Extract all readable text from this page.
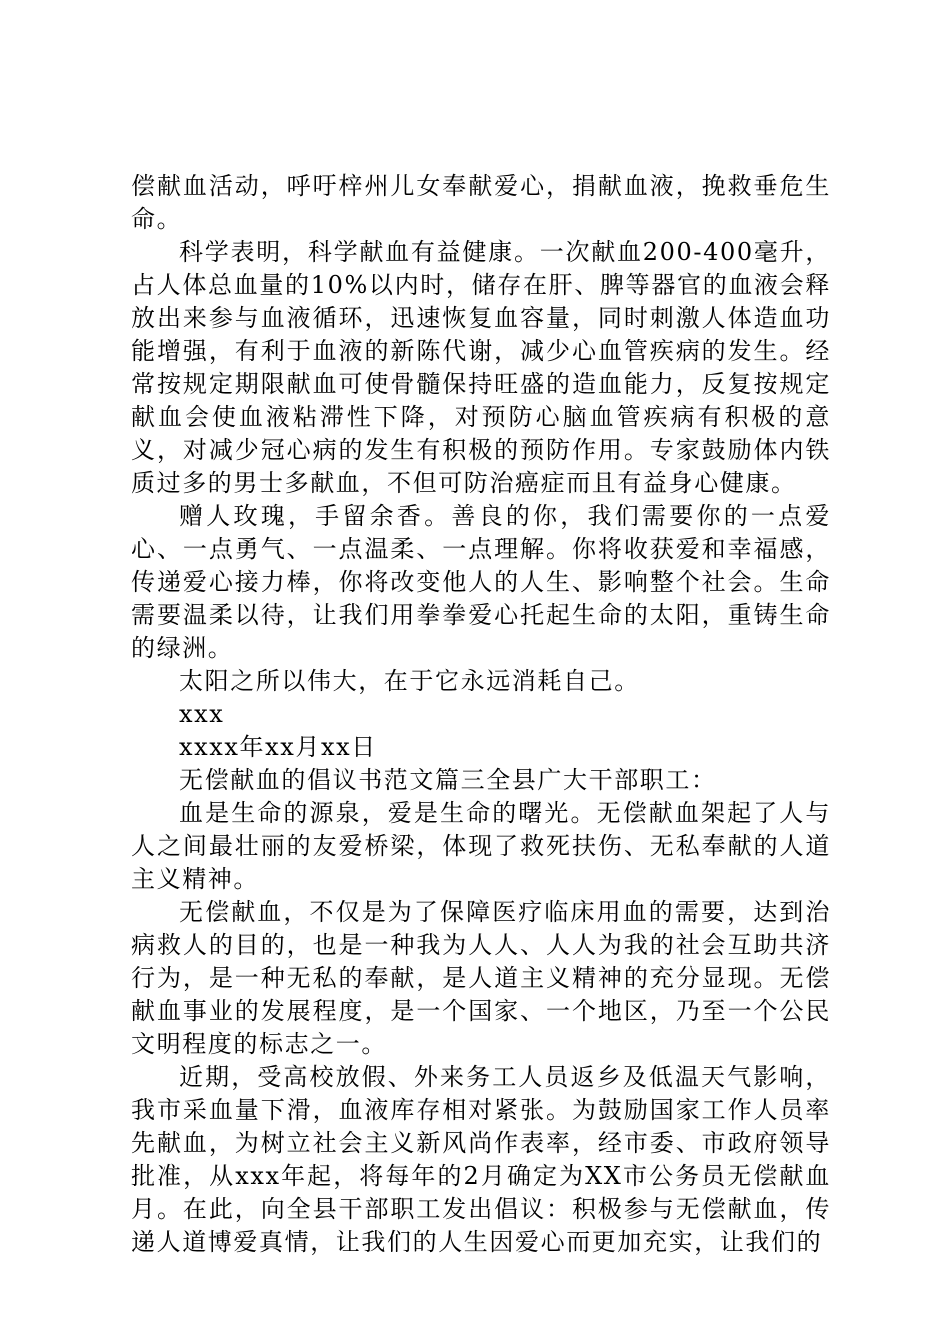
偿献血活动，呼吁梓州儿女奉献爱心，捐献血液，挽救垂危生命。

科学表明，科学献血有益健康。一次献血200-400毫升，占人体总血量的10%以内时，储存在肝、脾等器官的血液会释放出来参与血液循环，迅速恢复血容量，同时刺激人体造血功能增强，有利于血液的新陈代谢，减少心血管疾病的发生。经常按规定期限献血可使骨髓保持旺盛的造血能力，反复按规定献血会使血液粘滞性下降，对预防心脑血管疾病有积极的意义，对减少冠心病的发生有积极的预防作用。专家鼓励体内铁质过多的男士多献血，不但可防治癌症而且有益身心健康。

赠人玫瑰，手留余香。善良的你，我们需要你的一点爱心、一点勇气、一点温柔、一点理解。你将收获爱和幸福感，传递爱心接力棒，你将改变他人的人生、影响整个社会。生命需要温柔以待，让我们用拳拳爱心托起生命的太阳，重铸生命的绿洲。

太阳之所以伟大，在于它永远消耗自己。

xxx

xxxx年xx月xx日

无偿献血的倡议书范文篇三全县广大干部职工：

血是生命的源泉，爱是生命的曙光。无偿献血架起了人与人之间最壮丽的友爱桥梁，体现了救死扶伤、无私奉献的人道主义精神。

无偿献血，不仅是为了保障医疗临床用血的需要，达到治病救人的目的，也是一种我为人人、人人为我的社会互助共济行为，是一种无私的奉献，是人道主义精神的充分显现。无偿献血事业的发展程度，是一个国家、一个地区，乃至一个公民文明程度的标志之一。

近期，受高校放假、外来务工人员返乡及低温天气影响，我市采血量下滑，血液库存相对紧张。为鼓励国家工作人员率先献血，为树立社会主义新风尚作表率，经市委、市政府领导批准，从xxx年起，将每年的2月确定为XX市公务员无偿献血月。在此，向全县干部职工发出倡议：积极参与无偿献血，传递人道博爱真情，让我们的人生因爱心而更加充实，让我们的
